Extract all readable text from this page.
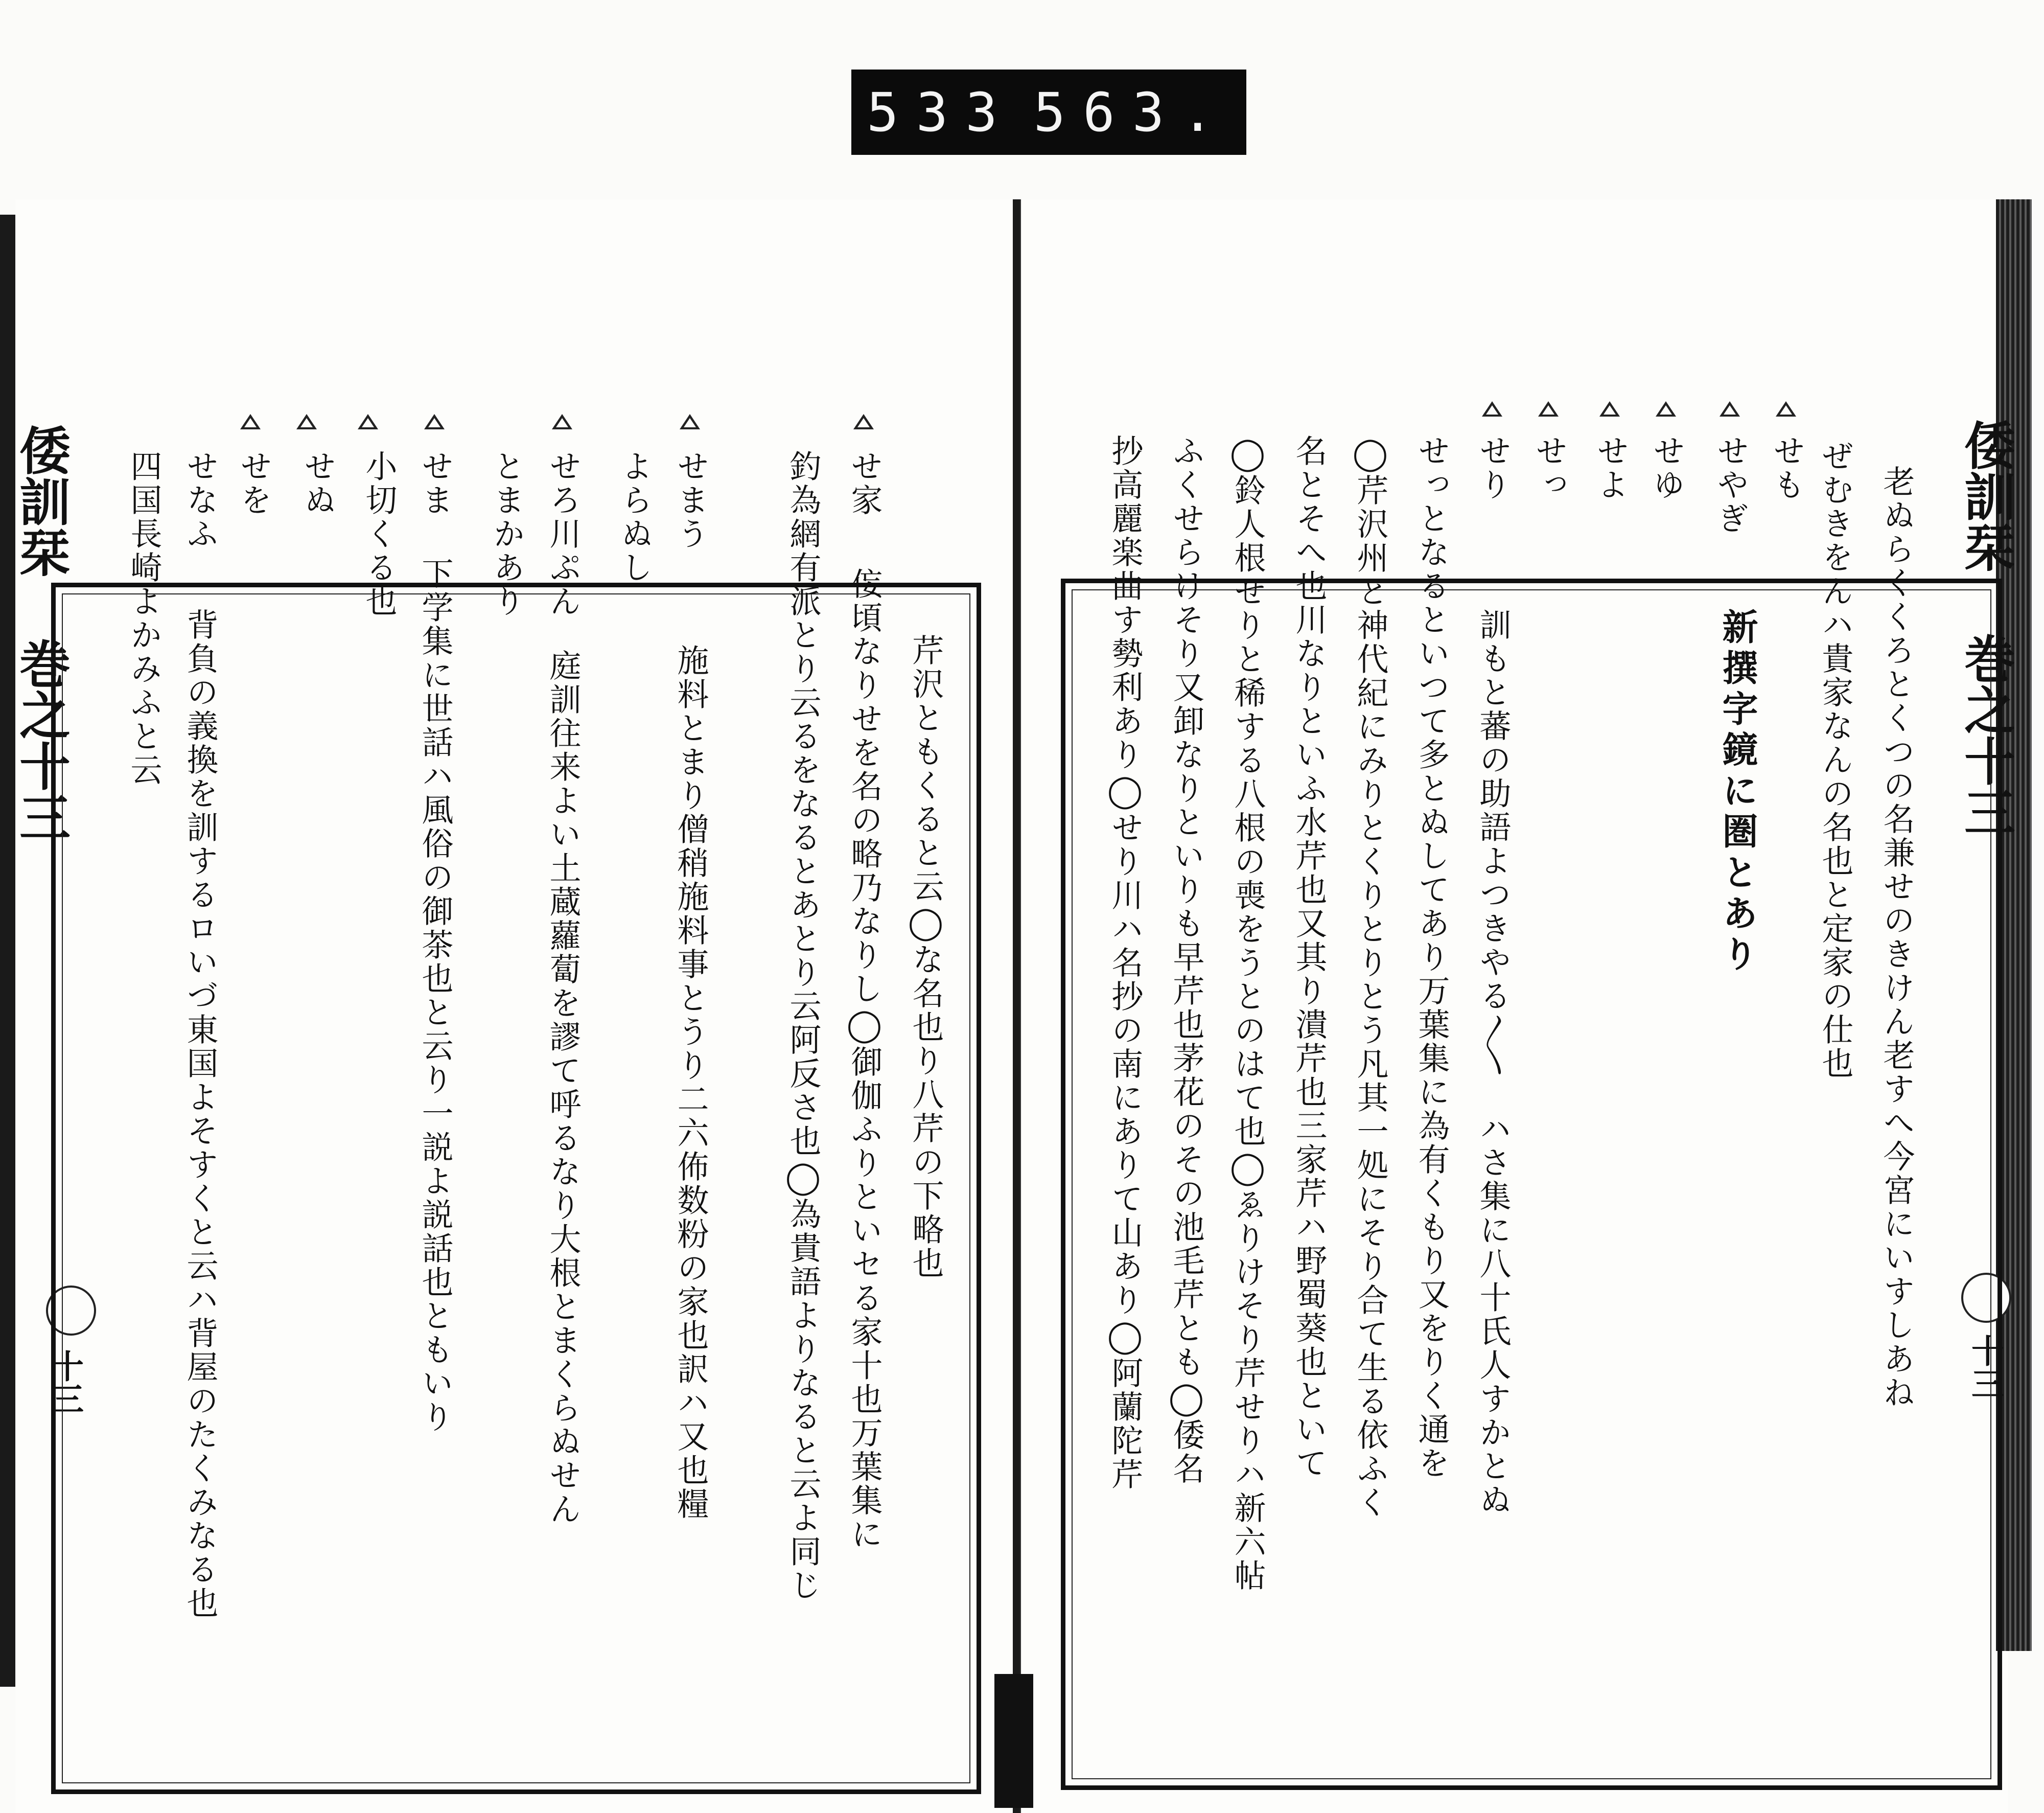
533 563.
倭訓栞 巻之十三
十三
芹沢ともくると云◯な名也り八芹の下略也
せ家
侫頃なりせを名の略乃なりし◯御伽ふりといセる家十也万葉集に
釣為網有派とり云るをなるとあとり云阿反さ也◯為貴語よりなると云よ同じ
せまう
施料とまり僧稍施料事とうり二六佈数粉の家也訳ハ又也糧
よらぬし
せろ川ぷん
庭訓往来よい土蔵蘿蔔を謬て呼るなり大根とまくらぬせん
とまかあり
せま
下学集に世話ハ風俗の御茶也と云り一説よ説話也ともいり
小切くる也
せぬ
せを
せなふ
背負の義換を訓するロいづ東国よそすくと云ハ背屋のたくみなる也
四国長崎よかみふと云	倭訓栞 巻之十三
十三
老ぬらくくろとくつの名兼せのきけん老すへ今宮にいすしあね
ぜむきをんハ貴家なんの名也と定家の仕也
せも
せやぎ
新撰字鏡に圏とあり
せゆ
せよ
せっ
せり
訓もと蕃の助語よつきやる〳〵　ハさ集に八十氏人すかとぬ
せっとなるといつて多とぬしてあり万葉集に為有くもり又をりく通を
◯芹沢州と神代紀にみりとくりとりとう凡其一処にそり合て生る依ふく
名とそへ也川なりといふ水芹也又其り潰芹也三家芹ハ野蜀葵也といて
◯鈴人根せりと稀する八根の喪をうとのはて也◯ゑりけそり芹せりハ新六帖
ふくせらけそり又卸なりといりも早芹也茅花のその池毛芹とも◯倭名
抄高麗楽曲す勢利あり◯せり川ハ名抄の南にありて山あり◯阿蘭陀芹
